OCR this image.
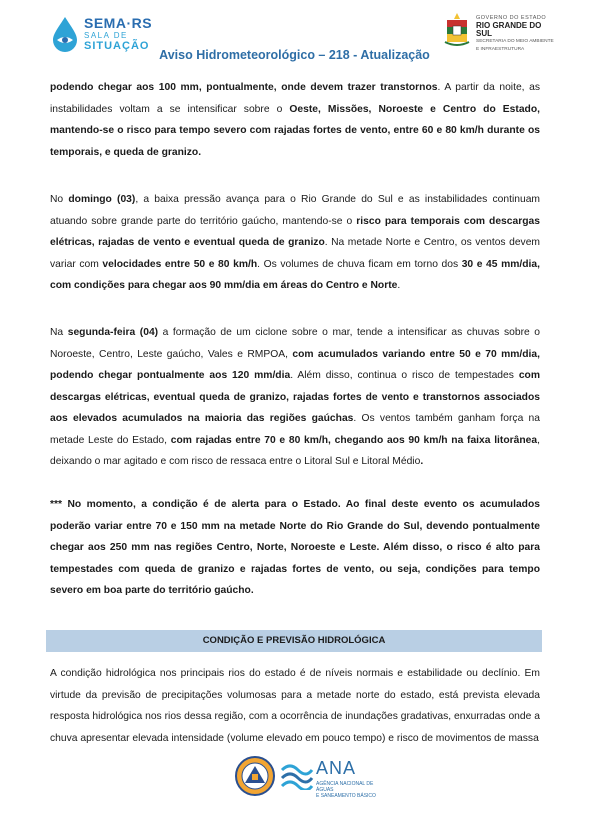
SEMA·RS
SALA DE
SITUAÇÃO
Aviso Hidrometeorológico – 218 - Atualização
GOVERNO DO ESTADO
RIO GRANDE DO SUL
SECRETARIA DO MEIO AMBIENTE
E INFRAESTRUTURA

podendo chegar aos 100 mm, pontualmente, onde devem trazer transtornos. A partir da noite, as instabilidades voltam a se intensificar sobre o Oeste, Missões, Noroeste e Centro do Estado, mantendo-se o risco para tempo severo com rajadas fortes de vento, entre 60 e 80 km/h durante os temporais, e queda de granizo.

No domingo (03), a baixa pressão avança para o Rio Grande do Sul e as instabilidades continuam atuando sobre grande parte do território gaúcho, mantendo-se o risco para temporais com descargas elétricas, rajadas de vento e eventual queda de granizo. Na metade Norte e Centro, os ventos devem variar com velocidades entre 50 e 80 km/h. Os volumes de chuva ficam em torno dos 30 e 45 mm/dia, com condições para chegar aos 90 mm/dia em áreas do Centro e Norte.

Na segunda-feira (04) a formação de um ciclone sobre o mar, tende a intensificar as chuvas sobre o Noroeste, Centro, Leste gaúcho, Vales e RMPOA, com acumulados variando entre 50 e 70 mm/dia, podendo chegar pontualmente aos 120 mm/dia. Além disso, continua o risco de tempestades com descargas elétricas, eventual queda de granizo, rajadas fortes de vento e transtornos associados aos elevados acumulados na maioria das regiões gaúchas. Os ventos também ganham força na metade Leste do Estado, com rajadas entre 70 e 80 km/h, chegando aos 90 km/h na faixa litorânea, deixando o mar agitado e com risco de ressaca entre o Litoral Sul e Litoral Médio.

*** No momento, a condição é de alerta para o Estado. Ao final deste evento os acumulados poderão variar entre 70 e 150 mm na metade Norte do Rio Grande do Sul, devendo pontualmente chegar aos 250 mm nas regiões Centro, Norte, Noroeste e Leste. Além disso, o risco é alto para tempestades com queda de granizo e rajadas fortes de vento, ou seja, condições para tempo severo em boa parte do território gaúcho.

CONDIÇÃO E PREVISÃO HIDROLÓGICA

A condição hidrológica nos principais rios do estado é de níveis normais e estabilidade ou declínio. Em virtude da previsão de precipitações volumosas para a metade norte do estado, está prevista elevada resposta hidrológica nos rios dessa região, com a ocorrência de inundações gradativas, enxurradas onde a chuva apresentar elevada intensidade (volume elevado em pouco tempo) e risco de movimentos de massa

ANA
AGÊNCIA NACIONAL DE ÁGUAS
E SANEAMENTO BÁSICO
